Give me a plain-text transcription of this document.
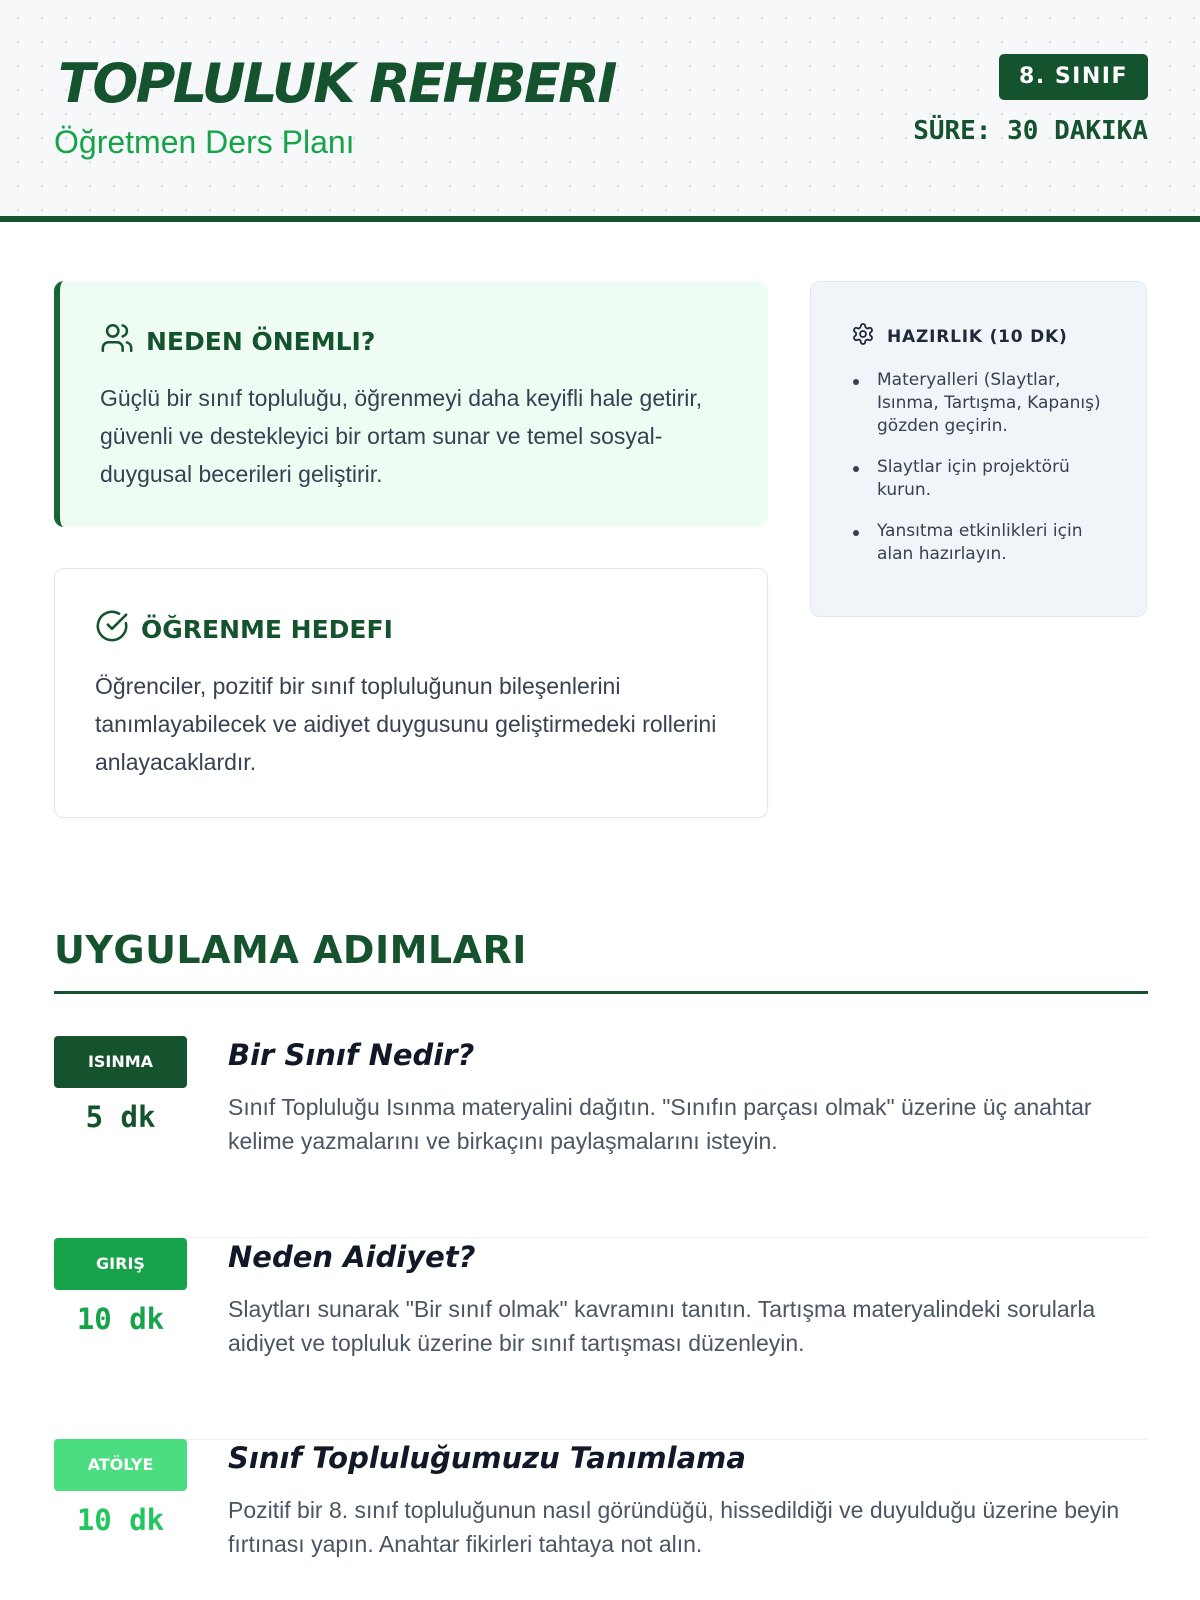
TOPLULUK REHBERI
Öğretmen Ders Planı
8. SINIF
SÜRE: 30 DAKIKA
NEDEN ÖNEMLI?

Güçlü bir sınıf topluluğu, öğrenmeyi daha keyifli hale getirir, güvenli ve destekleyici bir ortam sunar ve temel sosyal-duygusal becerileri geliştirir.

ÖĞRENME HEDEFI

Öğrenciler, pozitif bir sınıf topluluğunun bileşenlerini tanımlayabilecek ve aidiyet duygusunu geliştirmedeki rollerini anlayacaklardır.

HAZIRLIK (10 DK)
Materyalleri (Slaytlar, Isınma, Tartışma, Kapanış) gözden geçirin.
Slaytlar için projektörü kurun.
Yansıtma etkinlikleri için alan hazırlayın.
UYGULAMA ADIMLARI
ISINMA
5 dk
Bir Sınıf Nedir?
Sınıf Topluluğu Isınma materyalini dağıtın. "Sınıfın parçası olmak" üzerine üç anahtar kelime yazmalarını ve birkaçını paylaşmalarını isteyin.
GIRIŞ
10 dk
Neden Aidiyet?
Slaytları sunarak "Bir sınıf olmak" kavramını tanıtın. Tartışma materyalindeki sorularla aidiyet ve topluluk üzerine bir sınıf tartışması düzenleyin.
ATÖLYE
10 dk
Sınıf Topluluğumuzu Tanımlama
Pozitif bir 8. sınıf topluluğunun nasıl göründüğü, hissedildiği ve duyulduğu üzerine beyin fırtınası yapın. Anahtar fikirleri tahtaya not alın.
